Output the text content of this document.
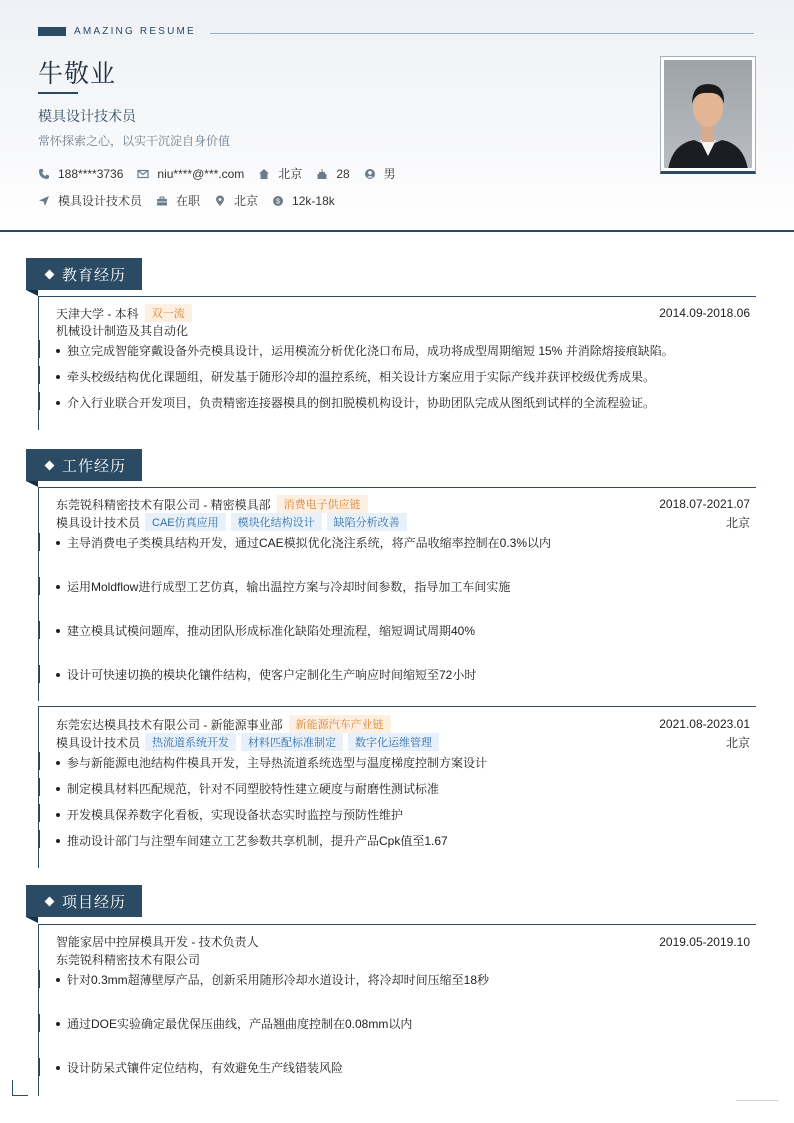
AMAZING RESUME
牛敬业
模具设计技术员
常怀探索之心，以实干沉淀自身价值
188****3736	niu****@***.com	北京	28	男
模具设计技术员	在职	北京	$ 12k-18k
教育经历
天津大学 - 本科	双一流	2014.09-2018.06
机械设计制造及其自动化
独立完成智能穿戴设备外壳模具设计，运用模流分析优化浇口布局，成功将成型周期缩短 15% 并消除熔接痕缺陷。
牵头校级结构优化课题组，研发基于随形冷却的温控系统，相关设计方案应用于实际产线并获评校级优秀成果。
介入行业联合开发项目，负责精密连接器模具的倒扣脱模机构设计，协助团队完成从图纸到试样的全流程验证。
工作经历
东莞锐科精密技术有限公司 - 精密模具部	消费电子供应链	2018.07-2021.07
模具设计技术员	CAE仿真应用	模块化结构设计	缺陷分析改善	北京
主导消费电子类模具结构开发，通过CAE模拟优化浇注系统，将产品收缩率控制在0.3%以内
运用Moldflow进行成型工艺仿真，输出温控方案与冷却时间参数，指导加工车间实施
建立模具试模问题库，推动团队形成标准化缺陷处理流程，缩短调试周期40%
设计可快速切换的模块化镶件结构，使客户定制化生产响应时间缩短至72小时
东莞宏达模具技术有限公司 - 新能源事业部	新能源汽车产业链	2021.08-2023.01
模具设计技术员	热流道系统开发	材料匹配标准制定	数字化运维管理	北京
参与新能源电池结构件模具开发，主导热流道系统选型与温度梯度控制方案设计
制定模具材料匹配规范，针对不同塑胶特性建立硬度与耐磨性测试标准
开发模具保养数字化看板，实现设备状态实时监控与预防性维护
推动设计部门与注塑车间建立工艺参数共享机制，提升产品Cpk值至1.67
项目经历
智能家居中控屏模具开发 - 技术负责人	2019.05-2019.10
东莞锐科精密技术有限公司
针对0.3mm超薄壁厚产品，创新采用随形冷却水道设计，将冷却时间压缩至18秒
通过DOE实验确定最优保压曲线，产品翘曲度控制在0.08mm以内
设计防呆式镶件定位结构，有效避免生产线错装风险
